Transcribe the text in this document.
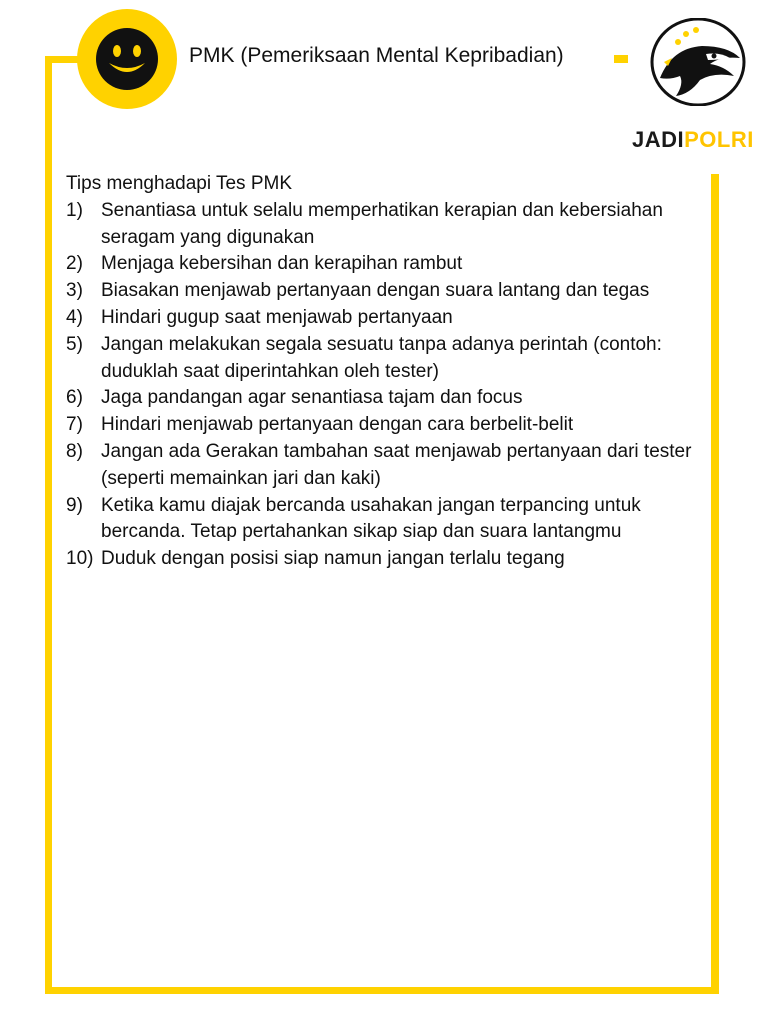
PMK (Pemeriksaan Mental Kepribadian)
JADIPOLRI

Tips menghadapi Tes PMK

1) Senantiasa untuk selalu memperhatikan kerapian dan kebersiahan seragam yang digunakan
2) Menjaga kebersihan dan kerapihan rambut
3) Biasakan menjawab pertanyaan dengan suara lantang dan tegas
4) Hindari gugup saat menjawab pertanyaan
5) Jangan melakukan segala sesuatu tanpa adanya perintah (contoh: duduklah saat diperintahkan oleh tester)
6) Jaga pandangan agar senantiasa tajam dan focus
7) Hindari menjawab pertanyaan dengan cara berbelit-belit
8) Jangan ada Gerakan tambahan saat menjawab pertanyaan dari tester (seperti memainkan jari dan kaki)
9) Ketika kamu diajak bercanda usahakan jangan terpancing untuk bercanda. Tetap pertahankan sikap siap dan suara lantangmu
10) Duduk dengan posisi siap namun jangan terlalu tegang
